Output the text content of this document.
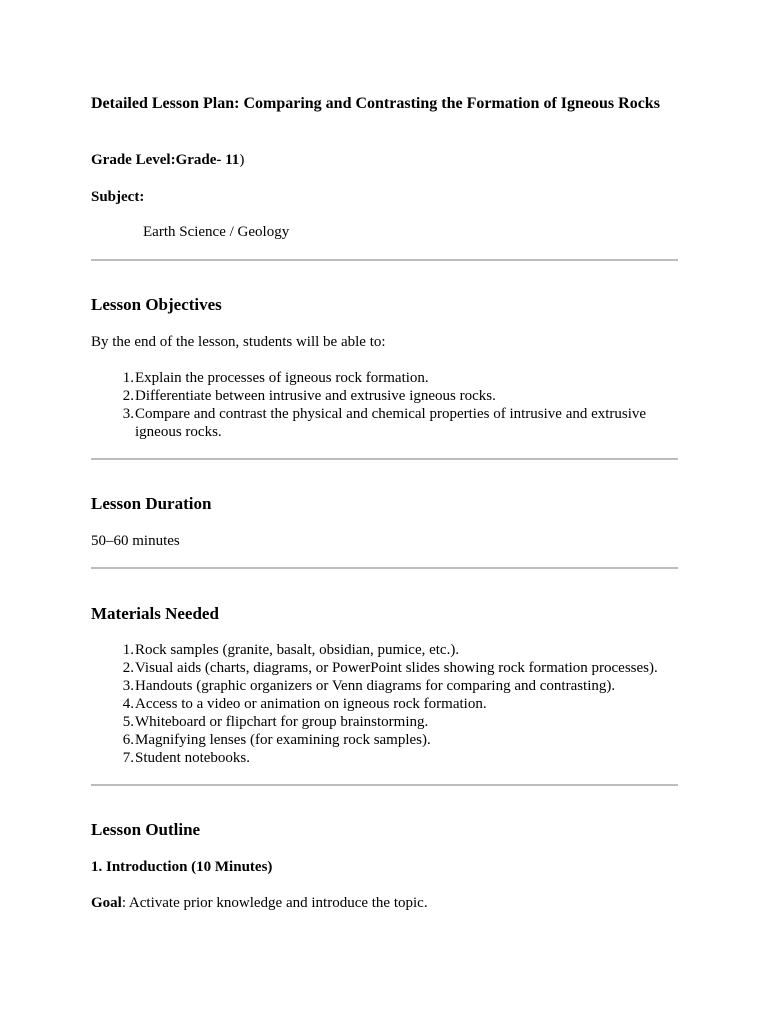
Detailed Lesson Plan: Comparing and Contrasting the Formation of Igneous Rocks
Grade Level:Grade- 11)
Subject:
Earth Science / Geology
Lesson Objectives
By the end of the lesson, students will be able to:
1. Explain the processes of igneous rock formation.
2. Differentiate between intrusive and extrusive igneous rocks.
3. Compare and contrast the physical and chemical properties of intrusive and extrusive
igneous rocks.
Lesson Duration
50–60 minutes
Materials Needed
1. Rock samples (granite, basalt, obsidian, pumice, etc.).
2. Visual aids (charts, diagrams, or PowerPoint slides showing rock formation processes).
3. Handouts (graphic organizers or Venn diagrams for comparing and contrasting).
4. Access to a video or animation on igneous rock formation.
5. Whiteboard or flipchart for group brainstorming.
6. Magnifying lenses (for examining rock samples).
7. Student notebooks.
Lesson Outline
1. Introduction (10 Minutes)
Goal: Activate prior knowledge and introduce the topic.
